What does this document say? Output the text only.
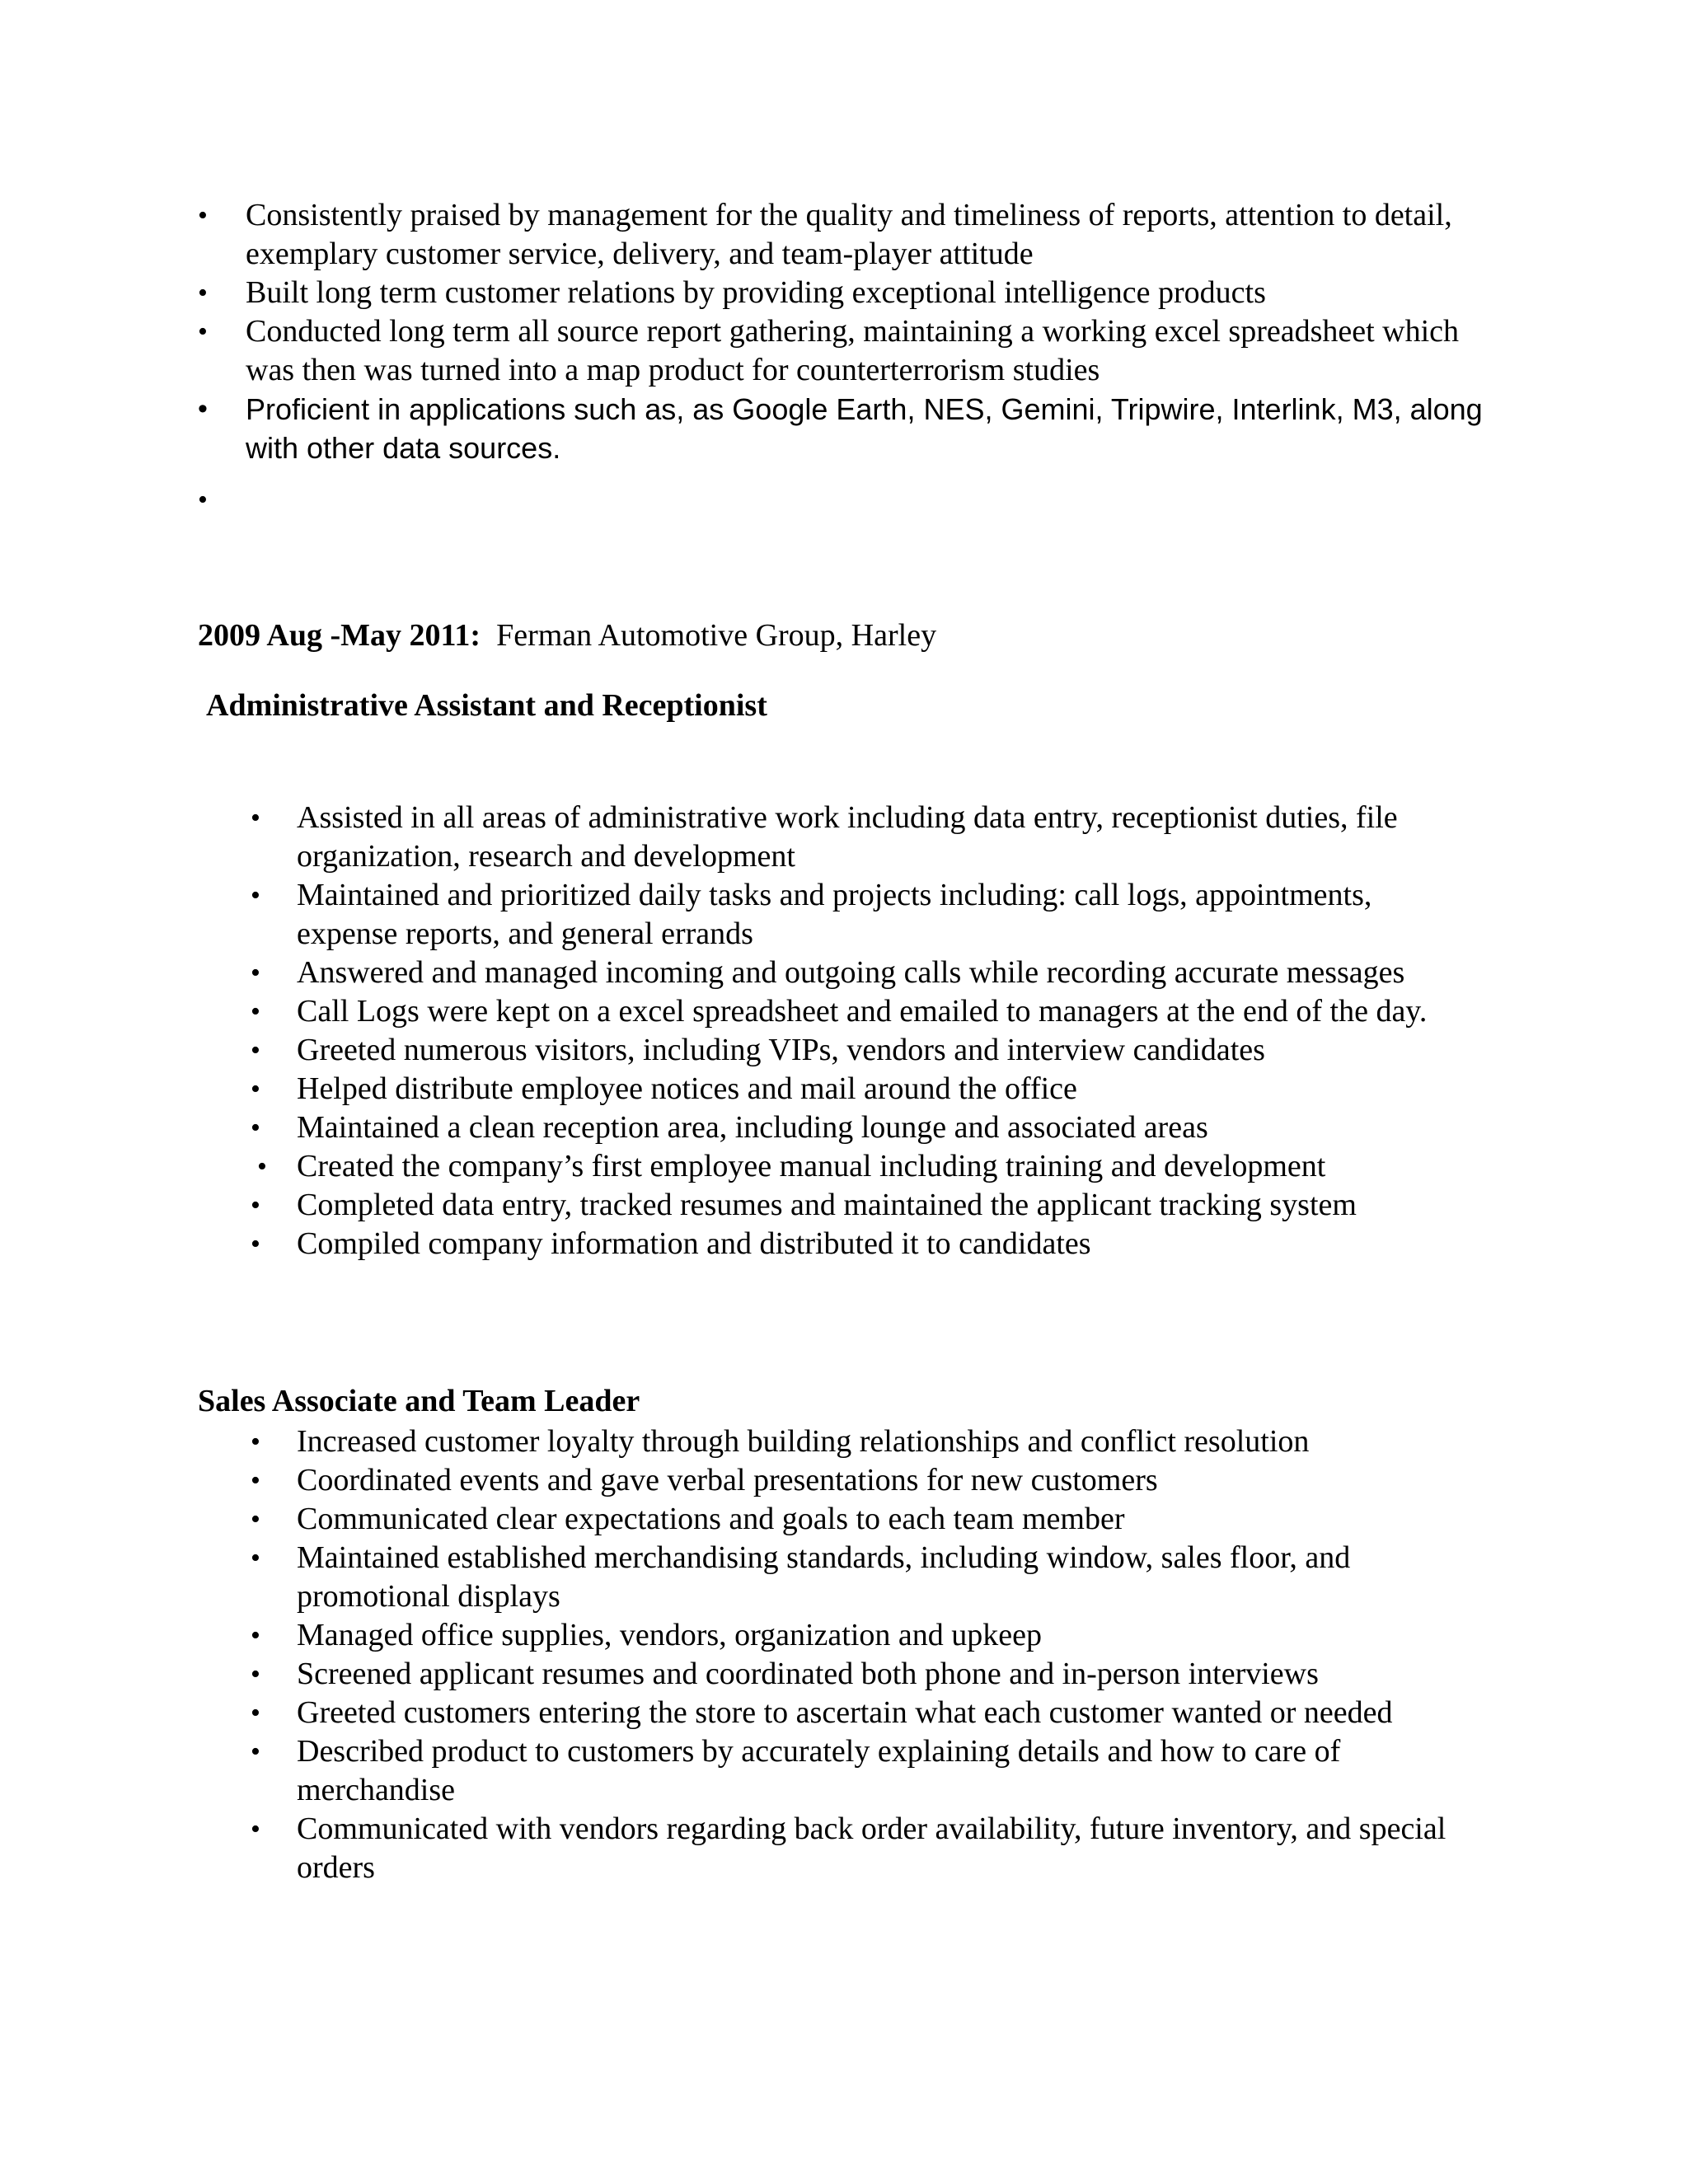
• Consistently praised by management for the quality and timeliness of reports, attention to detail, exemplary customer service, delivery, and team-player attitude
• Built long term customer relations by providing exceptional intelligence products
• Conducted long term all source report gathering, maintaining a working excel spreadsheet which was then was turned into a map product for counterterrorism studies
• Proficient in applications such as, as Google Earth, NES, Gemini, Tripwire, Interlink, M3, along with other data sources.
•
2009 Aug -May 2011: Ferman Automotive Group, Harley
Administrative Assistant and Receptionist
• Assisted in all areas of administrative work including data entry, receptionist duties, file organization, research and development
• Maintained and prioritized daily tasks and projects including: call logs, appointments, expense reports, and general errands
• Answered and managed incoming and outgoing calls while recording accurate messages
• Call Logs were kept on a excel spreadsheet and emailed to managers at the end of the day.
• Greeted numerous visitors, including VIPs, vendors and interview candidates
• Helped distribute employee notices and mail around the office
• Maintained a clean reception area, including lounge and associated areas
• Created the company’s first employee manual including training and development
• Completed data entry, tracked resumes and maintained the applicant tracking system
• Compiled company information and distributed it to candidates
Sales Associate and Team Leader
• Increased customer loyalty through building relationships and conflict resolution
• Coordinated events and gave verbal presentations for new customers
• Communicated clear expectations and goals to each team member
• Maintained established merchandising standards, including window, sales floor, and promotional displays
• Managed office supplies, vendors, organization and upkeep
• Screened applicant resumes and coordinated both phone and in-person interviews
• Greeted customers entering the store to ascertain what each customer wanted or needed
• Described product to customers by accurately explaining details and how to care of merchandise
• Communicated with vendors regarding back order availability, future inventory, and special orders
